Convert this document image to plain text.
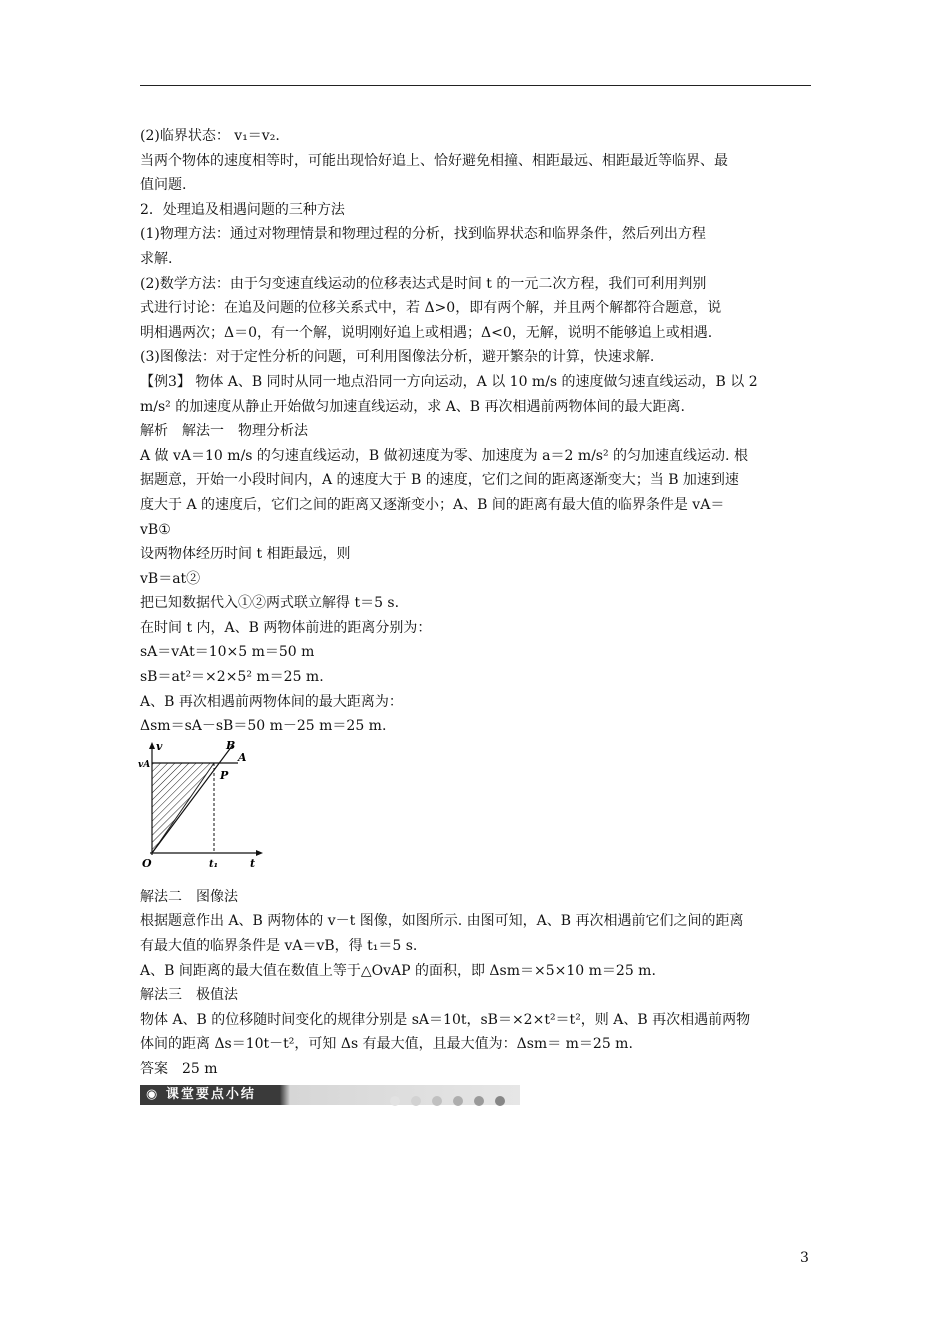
(2)临界状态： v₁＝v₂.

当两个物体的速度相等时，可能出现恰好追上、恰好避免相撞、相距最远、相距最近等临界、最

值问题.

2．处理追及相遇问题的三种方法

(1)物理方法：通过对物理情景和物理过程的分析，找到临界状态和临界条件，然后列出方程

求解.

(2)数学方法：由于匀变速直线运动的位移表达式是时间 t 的一元二次方程，我们可利用判别

式进行讨论：在追及问题的位移关系式中，若 Δ>0，即有两个解，并且两个解都符合题意，说

明相遇两次；Δ＝0，有一个解，说明刚好追上或相遇；Δ<0，无解，说明不能够追上或相遇.

(3)图像法：对于定性分析的问题，可利用图像法分析，避开繁杂的计算，快速求解.

【例3】 物体 A、B 同时从同一地点沿同一方向运动，A 以 10 m/s 的速度做匀速直线运动，B 以 2

m/s² 的加速度从静止开始做匀加速直线运动，求 A、B 再次相遇前两物体间的最大距离.

解析　解法一　物理分析法

A 做 vA＝10 m/s 的匀速直线运动，B 做初速度为零、加速度为 a＝2 m/s² 的匀加速直线运动. 根

据题意，开始一小段时间内，A 的速度大于 B 的速度，它们之间的距离逐渐变大；当 B 加速到速

度大于 A 的速度后，它们之间的距离又逐渐变小；A、B 间的距离有最大值的临界条件是 vA＝

vB①

设两物体经历时间 t 相距最远，则

vB＝at②

把已知数据代入①②两式联立解得 t＝5 s.

在时间 t 内，A、B 两物体前进的距离分别为：

sA＝vAt＝10×5 m＝50 m

sB＝at²＝×2×5² m＝25 m.

A、B 再次相遇前两物体间的最大距离为：

Δsm＝sA－sB＝50 m－25 m＝25 m.

v
t
O
vA
B
A
P
t₁

解法二　图像法

根据题意作出 A、B 两物体的 v－t 图像，如图所示. 由图可知，A、B 再次相遇前它们之间的距离

有最大值的临界条件是 vA＝vB，得 t₁＝5 s.

A、B 间距离的最大值在数值上等于△OvAP 的面积，即 Δsm＝×5×10 m＝25 m.

解法三　极值法

物体 A、B 的位移随时间变化的规律分别是 sA＝10t，sB＝×2×t²＝t²，则 A、B 再次相遇前两物

体间的距离 Δs＝10t－t²，可知 Δs 有最大值，且最大值为：Δsm＝ m＝25 m.

答案　25 m

◉ 课堂要点小结
3
